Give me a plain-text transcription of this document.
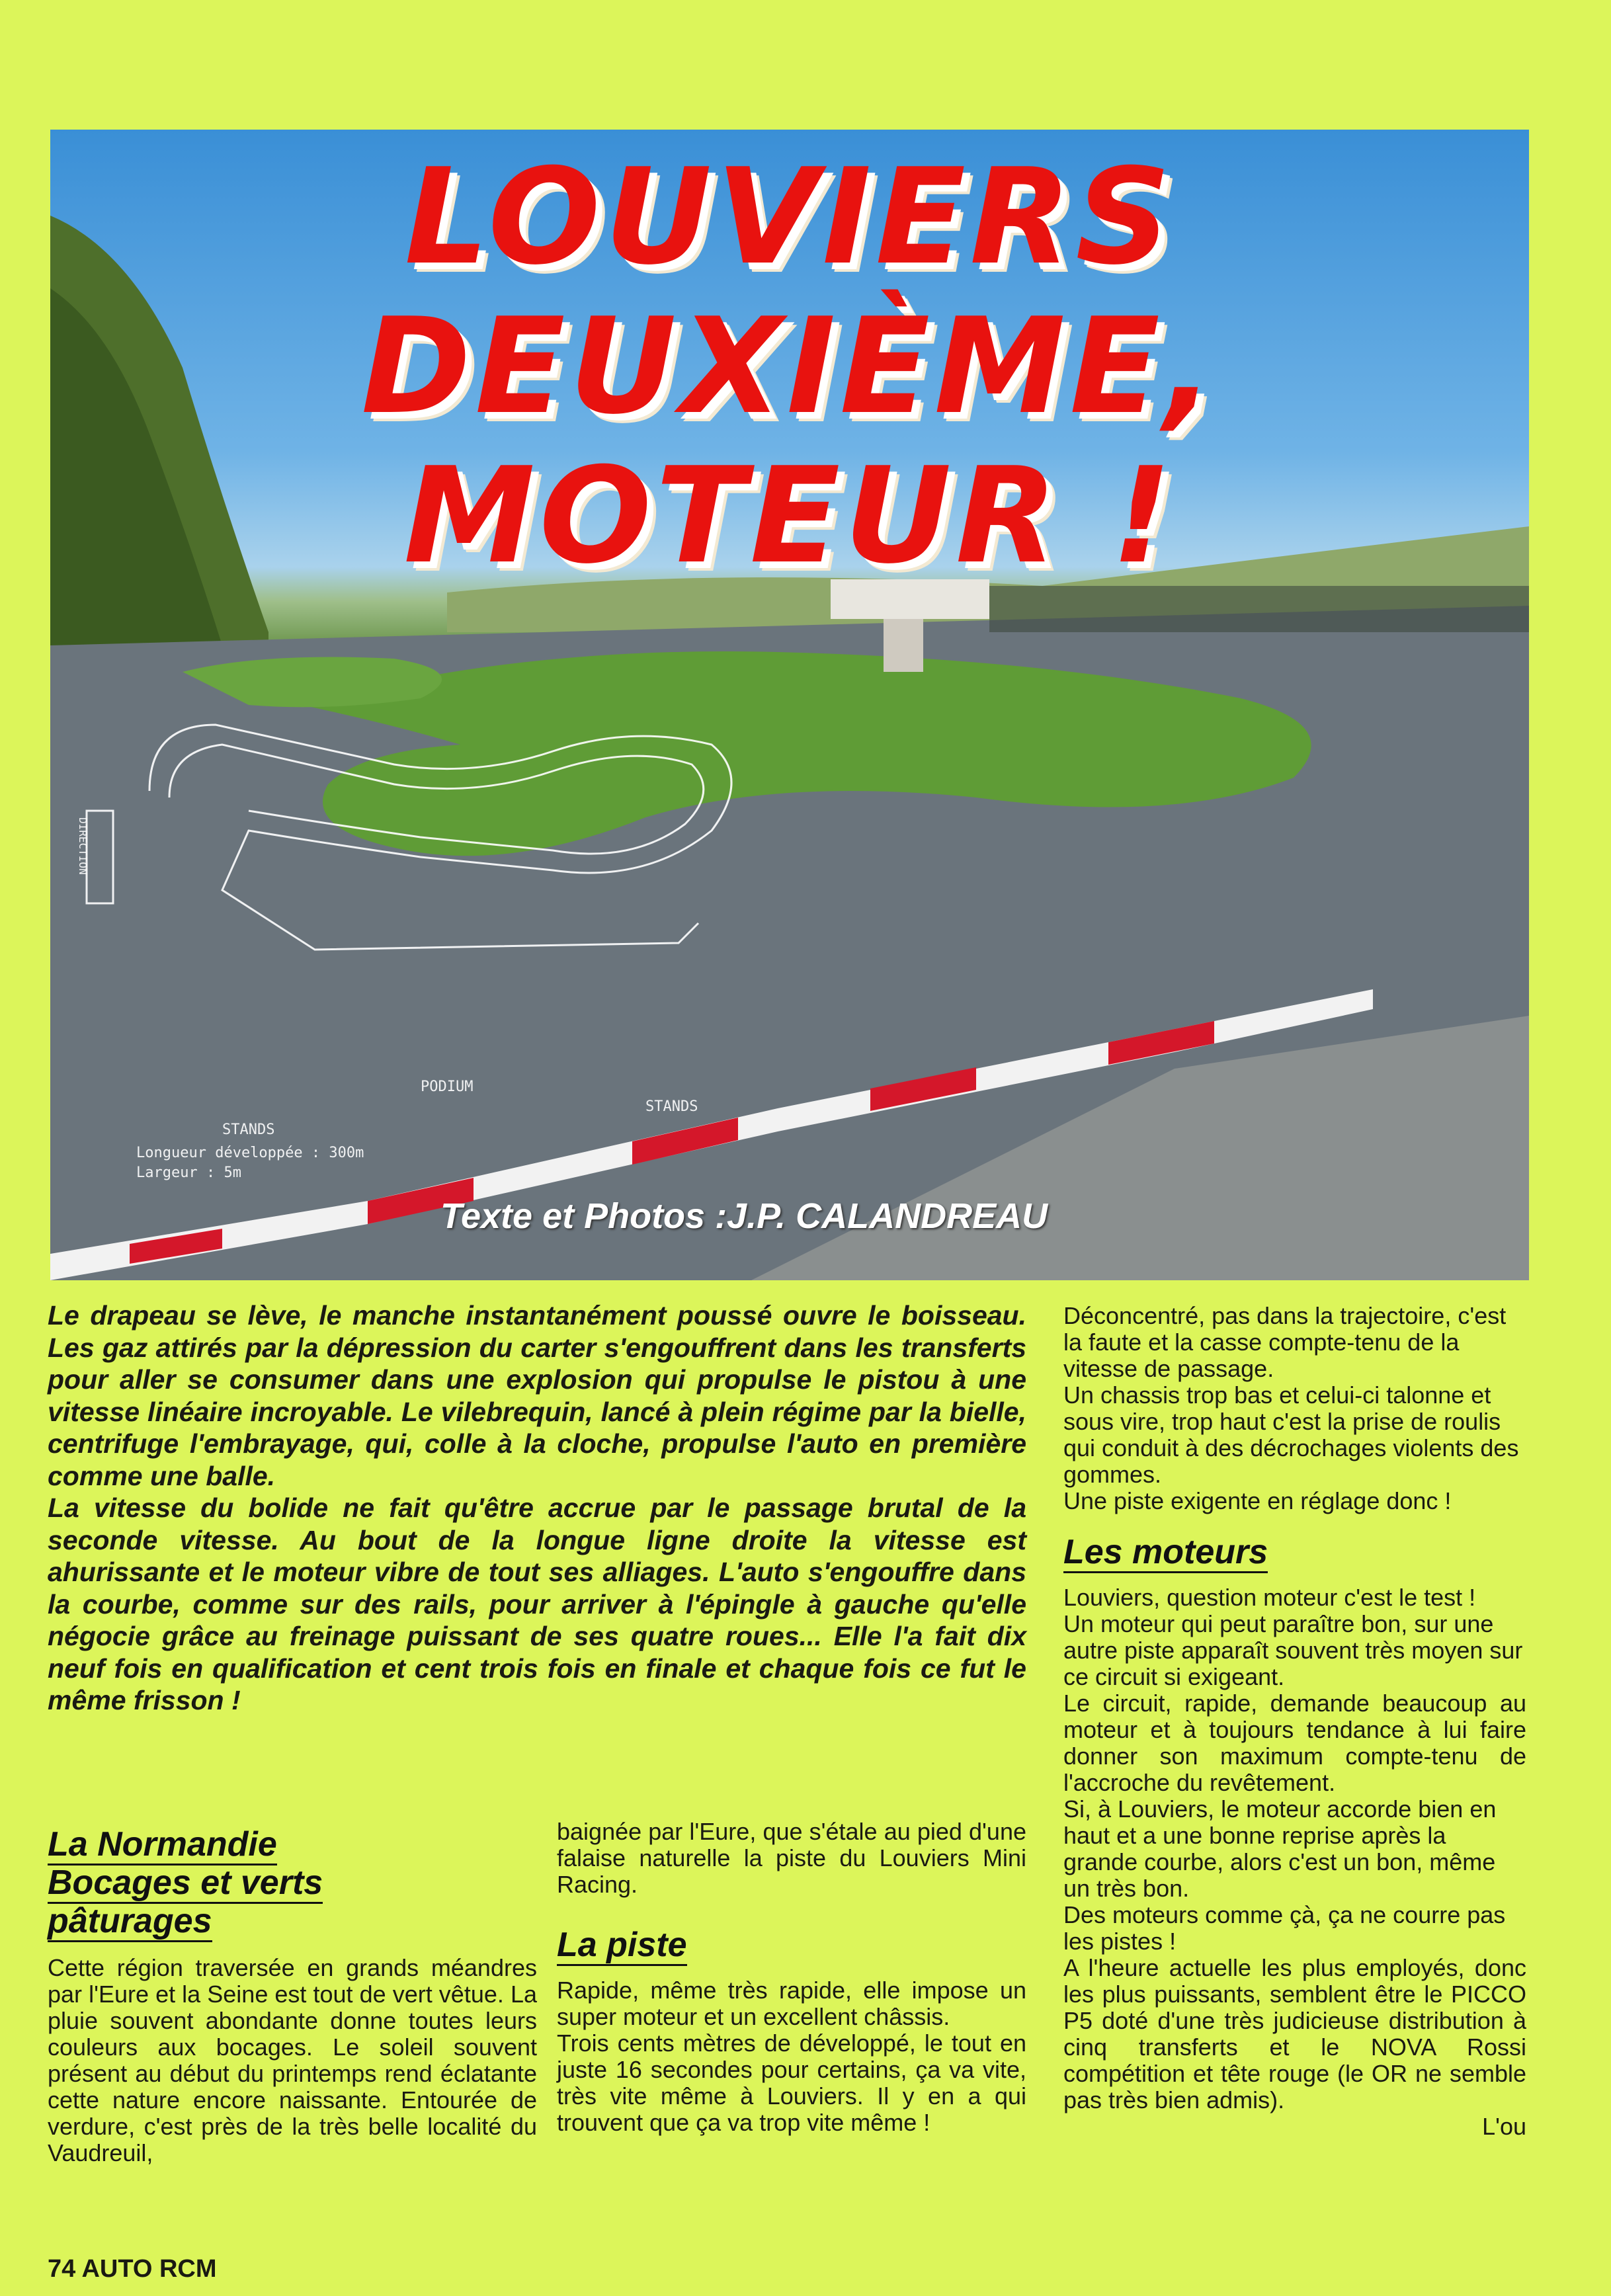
LOUVIERS
DEUXIÈME,
MOTEUR !
STANDS
PODIUM
STANDS
Longueur développée : 300m
Largeur : 5m
DIRECTION
Texte et Photos :J.P. CALANDREAU

Le drapeau se lève, le manche instantanément poussé ouvre le boisseau. Les gaz attirés par la dépression du carter s'engouffrent dans les transferts pour aller se consumer dans une explosion qui propulse le pistou à une vitesse linéaire incroyable. Le vilebrequin, lancé à plein régime par la bielle, centrifuge l'embrayage, qui, colle à la cloche, propulse l'auto en première comme une balle.

La vitesse du bolide ne fait qu'être accrue par le passage brutal de la seconde vitesse. Au bout de la longue ligne droite la vitesse est ahurissante et le moteur vibre de tout ses alliages. L'auto s'engouffre dans la courbe, comme sur des rails, pour arriver à l'épingle à gauche qu'elle négocie grâce au freinage puissant de ses quatre roues... Elle l'a fait dix neuf fois en qualification et cent trois fois en finale et chaque fois ce fut le même frisson !

La Normandie
Bocages et verts
pâturages

Cette région traversée en grands méandres par l'Eure et la Seine est tout de vert vêtue. La pluie souvent abondante donne toutes leurs couleurs aux bocages. Le soleil souvent présent au début du printemps rend éclatante cette nature encore naissante. Entourée de verdure, c'est près de la très belle localité du Vaudreuil,

baignée par l'Eure, que s'étale au pied d'une falaise naturelle la piste du Louviers Mini Racing.

La piste

Rapide, même très rapide, elle impose un super moteur et un excellent châssis.

Trois cents mètres de développé, le tout en juste 16 secondes pour certains, ça va vite, très vite même à Louviers. Il y en a qui trouvent que ça va trop vite même !

Déconcentré, pas dans la trajectoire, c'est la faute et la casse compte-tenu de la vitesse de passage.

Un chassis trop bas et celui-ci talonne et sous vire, trop haut c'est la prise de roulis qui conduit à des décrochages violents des gommes.

Une piste exigente en réglage donc !

Les moteurs

Louviers, question moteur c'est le test !

Un moteur qui peut paraître bon, sur une autre piste apparaît souvent très moyen sur ce circuit si exigeant.

Le circuit, rapide, demande beaucoup au moteur et à toujours tendance à lui faire donner son maximum compte-tenu de l'accroche du revêtement.

Si, à Louviers, le moteur accorde bien en haut et a une bonne reprise après la grande courbe, alors c'est un bon, même un très bon.

Des moteurs comme çà, ça ne courre pas les pistes !

A l'heure actuelle les plus employés, donc les plus puissants, semblent être le PICCO P5 doté d'une très judicieuse distribution à cinq transferts et le NOVA Rossi compétition et tête rouge (le OR ne semble pas très bien admis).

L'ou

74 AUTO RCM
